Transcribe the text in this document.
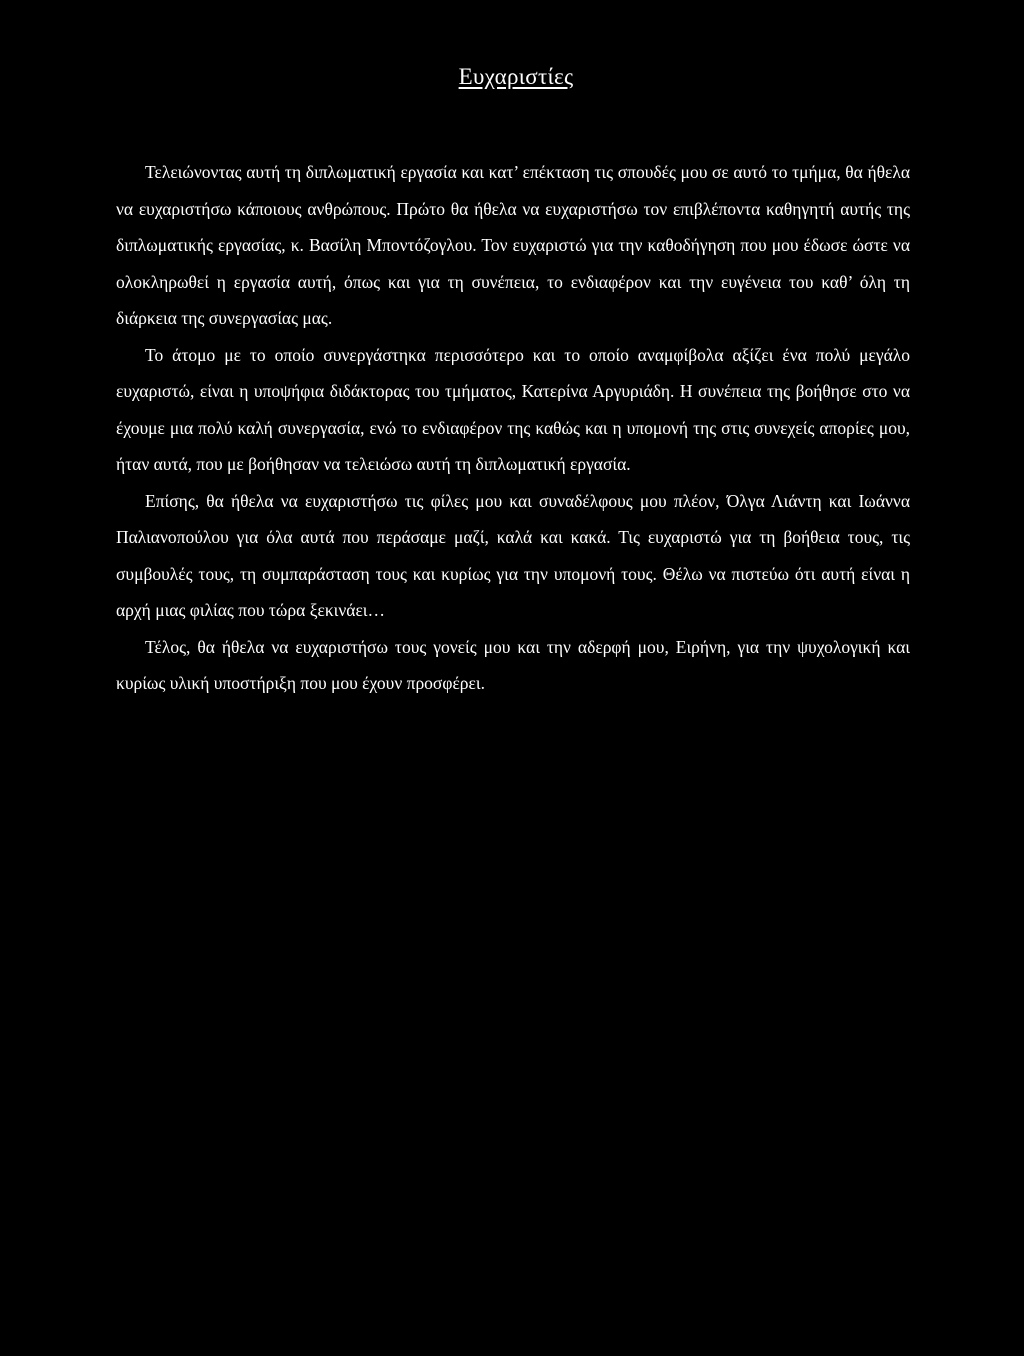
Ευχαριστίες

Τελειώνοντας αυτή τη διπλωματική εργασία και κατ’ επέκταση τις σπουδές μου σε αυτό το τμήμα, θα ήθελα να ευχαριστήσω κάποιους ανθρώπους. Πρώτο θα ήθελα να ευχαριστήσω τον επιβλέποντα καθηγητή αυτής της διπλωματικής εργασίας, κ. Βασίλη Μποντόζογλου. Τον ευχαριστώ για την καθοδήγηση που μου έδωσε ώστε να ολοκληρωθεί η εργασία αυτή, όπως και για τη συνέπεια, το ενδιαφέρον και την ευγένεια του καθ’ όλη τη διάρκεια της συνεργασίας μας.

Το άτομο με το οποίο συνεργάστηκα περισσότερο και το οποίο αναμφίβολα αξίζει ένα πολύ μεγάλο ευχαριστώ, είναι η υποψήφια διδάκτορας του τμήματος, Κατερίνα Αργυριάδη. Η συνέπεια της βοήθησε στο να έχουμε μια πολύ καλή συνεργασία, ενώ το ενδιαφέρον της καθώς και η υπομονή της στις συνεχείς απορίες μου, ήταν αυτά, που με βοήθησαν να τελειώσω αυτή τη διπλωματική εργασία.

Επίσης, θα ήθελα να ευχαριστήσω τις φίλες μου και συναδέλφους μου πλέον, Όλγα Λιάντη και Ιωάννα Παλιανοπούλου για όλα αυτά που περάσαμε μαζί, καλά και κακά. Τις ευχαριστώ για τη βοήθεια τους, τις συμβουλές τους, τη συμπαράσταση τους και κυρίως για την υπομονή τους. Θέλω να πιστεύω ότι αυτή είναι η αρχή μιας φιλίας που τώρα ξεκινάει…

Τέλος, θα ήθελα να ευχαριστήσω τους γονείς μου και την αδερφή μου, Ειρήνη, για την ψυχολογική και κυρίως υλική υποστήριξη που μου έχουν προσφέρει.
